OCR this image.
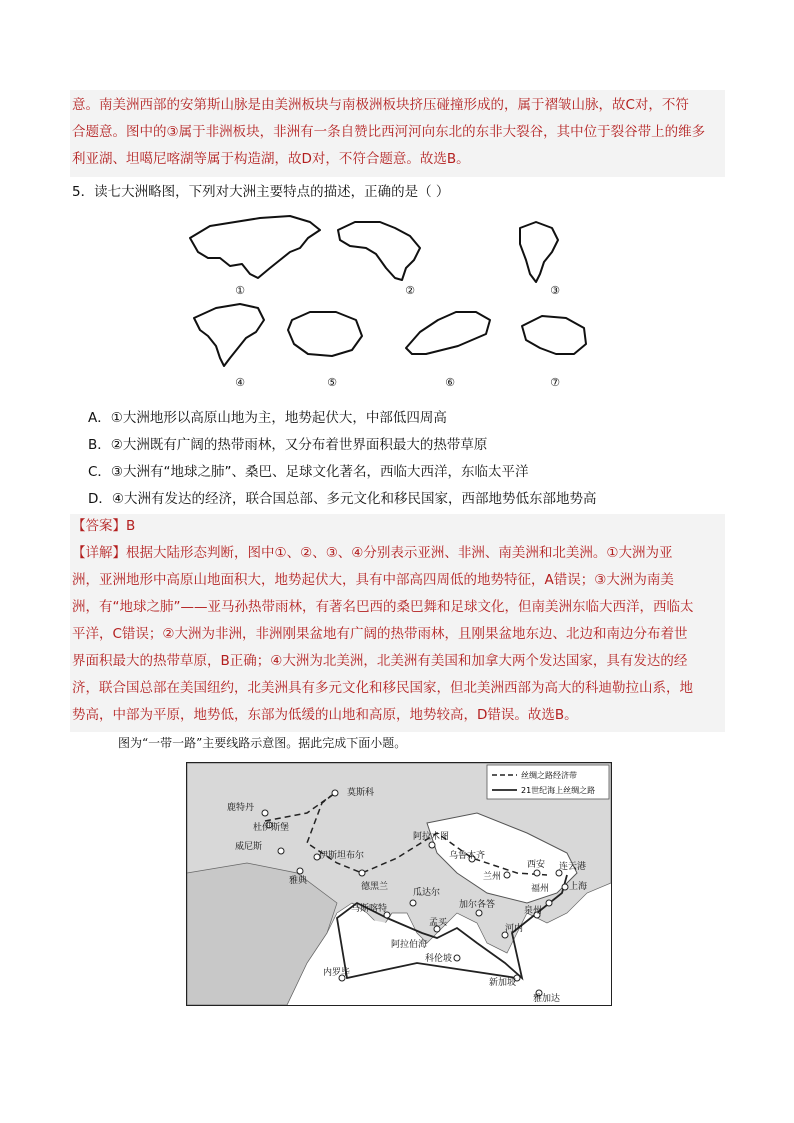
意。南美洲西部的安第斯山脉是由美洲板块与南极洲板块挤压碰撞形成的，属于褶皱山脉，故C对，不符
合题意。图中的③属于非洲板块，非洲有一条自赞比西河河向东北的东非大裂谷，其中位于裂谷带上的维多
利亚湖、坦噶尼喀湖等属于构造湖，故D对，不符合题意。故选B。
5．读七大洲略图，下列对大洲主要特点的描述，正确的是（ ）
①	②	③
④	⑤	⑥	⑦
A．①大洲地形以高原山地为主，地势起伏大，中部低四周高
B．②大洲既有广阔的热带雨林，又分布着世界面积最大的热带草原
C．③大洲有“地球之肺”、桑巴、足球文化著名，西临大西洋，东临太平洋
D．④大洲有发达的经济，联合国总部、多元文化和移民国家，西部地势低东部地势高
【答案】B
【详解】根据大陆形态判断，图中①、②、③、④分别表示亚洲、非洲、南美洲和北美洲。①大洲为亚
洲，亚洲地形中高原山地面积大，地势起伏大，具有中部高四周低的地势特征，A错误；③大洲为南美
洲，有“地球之肺”——亚马孙热带雨林，有著名巴西的桑巴舞和足球文化，但南美洲东临大西洋，西临太
平洋，C错误；②大洲为非洲，非洲刚果盆地有广阔的热带雨林，且刚果盆地东边、北边和南边分布着世
界面积最大的热带草原，B正确；④大洲为北美洲，北美洲有美国和加拿大两个发达国家，具有发达的经
济，联合国总部在美国纽约，北美洲具有多元文化和移民国家，但北美洲西部为高大的科迪勒拉山系，地
势高，中部为平原，地势低，东部为低缓的山地和高原，地势较高，D错误。故选B。
图为“一带一路”主要线路示意图。据此完成下面小题。
丝绸之路经济带
21世纪海上丝绸之路
莫斯科
鹿特丹
杜伊斯堡
威尼斯
伊斯坦布尔
雅典
阿拉木图
乌鲁木齐
兰州
西安 连云港
上海
福州
泉州
德黑兰
瓜达尔
马斯喀特	加尔各答
孟买
阿拉伯海
科伦坡
河内
内罗毕
新加坡
雅加达
